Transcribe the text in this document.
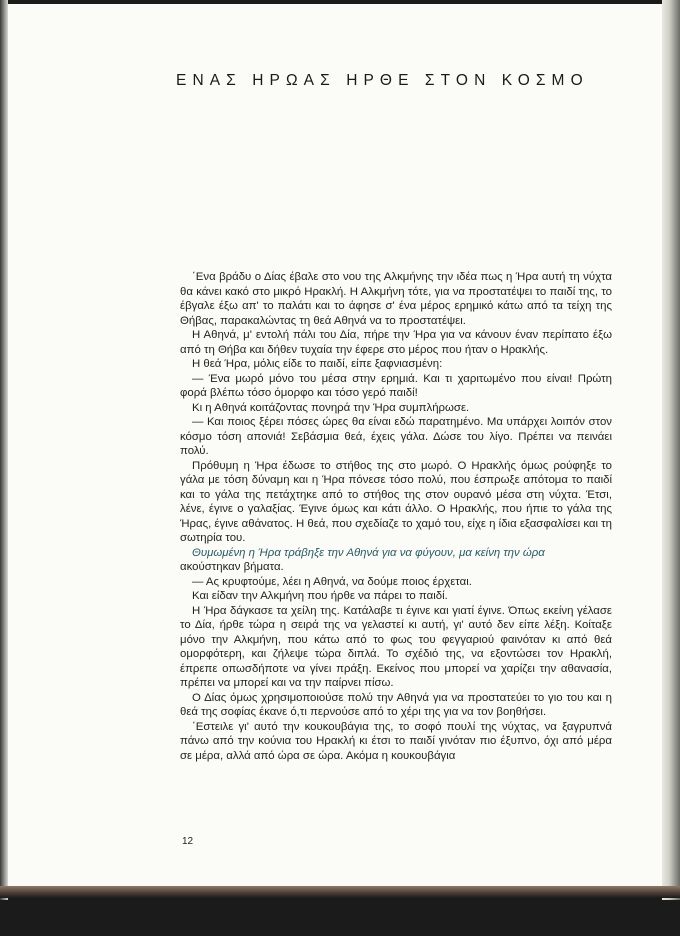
ΕΝΑΣ ΗΡΩΑΣ ΗΡΘΕ ΣΤΟΝ ΚΟΣΜΟ

΄Ενα βράδυ ο Δίας έβαλε στο νου της Αλκμήνης την ιδέα πως η Ήρα αυτή τη νύχτα θα κάνει κακό στο μικρό Ηρακλή. Η Αλκμήνη τότε, για να προστατέψει το παιδί της, το έβγαλε έξω απ' το παλάτι και το άφησε σ' ένα μέρος ερημικό κάτω από τα τείχη της Θήβας, παρακαλώντας τη θεά Αθηνά να το προστατέψει.

Η Αθηνά, μ' εντολή πάλι του Δία, πήρε την Ήρα για να κάνουν έναν περίπατο έξω από τη Θήβα και δήθεν τυχαία την έφερε στο μέρος που ήταν ο Ηρακλής.

Η θεά Ήρα, μόλις είδε το παιδί, είπε ξαφνιασμένη:

— Ένα μωρό μόνο του μέσα στην ερημιά. Και τι χαριτωμένο που είναι! Πρώτη φορά βλέπω τόσο όμορφο και τόσο γερό παιδί!

Κι η Αθηνά κοιτάζοντας πονηρά την Ήρα συμπλήρωσε.

— Και ποιος ξέρει πόσες ώρες θα είναι εδώ παρατημένο. Μα υπάρχει λοιπόν στον κόσμο τόση απονιά! Σεβάσμια θεά, έχεις γάλα. Δώσε του λίγο. Πρέπει να πεινάει πολύ.

Πρόθυμη η Ήρα έδωσε το στήθος της στο μωρό. Ο Ηρακλής όμως ρούφηξε το γάλα με τόση δύναμη και η Ήρα πόνεσε τόσο πολύ, που έσπρωξε απότομα το παιδί και το γάλα της πετάχτηκε από το στήθος της στον ουρανό μέσα στη νύχτα. Έτσι, λένε, έγινε ο γαλαξίας. Έγινε όμως και κάτι άλλο. Ο Ηρακλής, που ήπιε το γάλα της Ήρας, έγινε αθάνατος. Η θεά, που σχεδίαζε το χαμό του, είχε η ίδια εξασφαλίσει και τη σωτηρία του.

Θυμωμένη η Ήρα τράβηξε την Αθηνά για να φύγουν, μα κείνη την ώρα

ακούστηκαν βήματα.

— Ας κρυφτούμε, λέει η Αθηνά, να δούμε ποιος έρχεται.

Και είδαν την Αλκμήνη που ήρθε να πάρει το παιδί.

Η Ήρα δάγκασε τα χείλη της. Κατάλαβε τι έγινε και γιατί έγινε. Όπως εκείνη γέλασε το Δία, ήρθε τώρα η σειρά της να γελαστεί κι αυτή, γι' αυτό δεν είπε λέξη. Κοίταξε μόνο την Αλκμήνη, που κάτω από το φως του φεγγαριού φαινόταν κι από θεά ομορφότερη, και ζήλεψε τώρα διπλά. Το σχέδιό της, να εξοντώσει τον Ηρακλή, έπρεπε οπωσδήποτε να γίνει πράξη. Εκείνος που μπορεί να χαρίζει την αθανασία, πρέπει να μπορεί και να την παίρνει πίσω.

Ο Δίας όμως χρησιμοποιούσε πολύ την Αθηνά για να προστατεύει το γιο του και η θεά της σοφίας έκανε ό,τι περνούσε από το χέρι της για να τον βοηθήσει.

΄Εστειλε γι' αυτό την κουκουβάγια της, το σοφό πουλί της νύχτας, να ξαγρυπνά πάνω από την κούνια του Ηρακλή κι έτσι το παιδί γινόταν πιο έξυπνο, όχι από μέρα σε μέρα, αλλά από ώρα σε ώρα. Ακόμα η κουκουβάγια

12
